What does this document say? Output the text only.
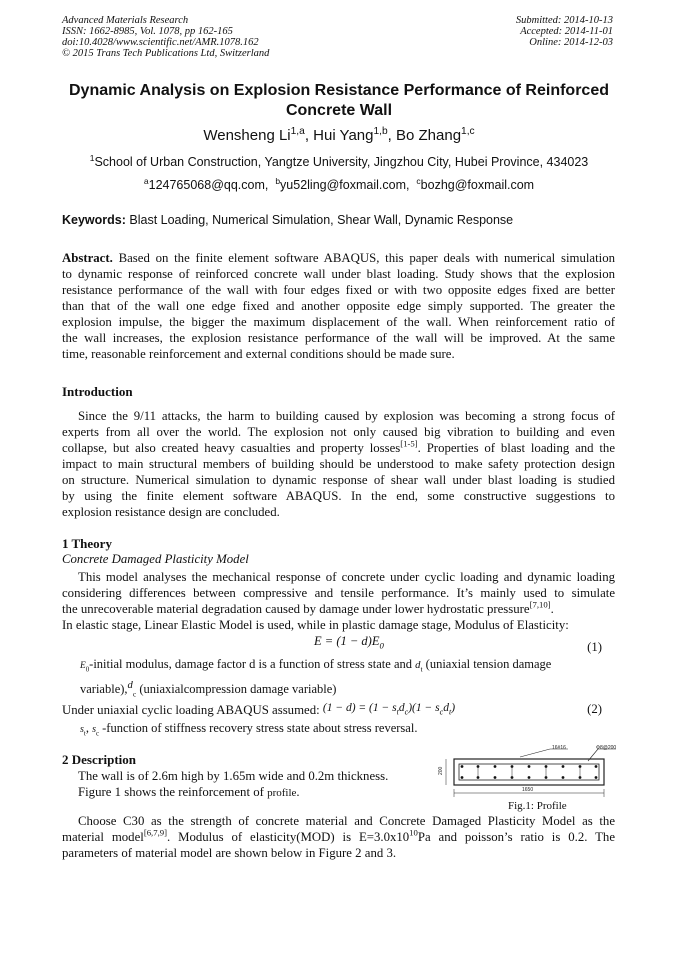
Advanced Materials Research
ISSN: 1662-8985, Vol. 1078, pp 162-165
doi:10.4028/www.scientific.net/AMR.1078.162
© 2015 Trans Tech Publications Ltd, Switzerland
Submitted: 2014-10-13
Accepted: 2014-11-01
Online: 2014-12-03
Dynamic Analysis on Explosion Resistance Performance of Reinforced
Concrete Wall
Wensheng Li$^{1,a}$, Hui Yang$^{1,b}$, Bo Zhang$^{1,c}$
$^1$School of Urban Construction, Yangtze University, Jingzhou City, Hubei Province, 434023
$^a$124765068@qq.com, $^b$yu52ling@foxmail.com, $^c$bozhg@foxmail.com
Keywords: Blast Loading, Numerical Simulation, Shear Wall, Dynamic Response
Abstract. Based on the finite element software ABAQUS, this paper deals with numerical simulation
to dynamic response of reinforced concrete wall under blast loading. Study shows that the explosion
resistance performance of the wall with four edges fixed or with two opposite edges fixed are better
than that of the wall one edge fixed and another opposite edge simply supported. The greater the
explosion impulse, the bigger the maximum displacement of the wall. When reinforcement ratio of
the wall increases, the explosion resistance performance of the wall will be improved. At the same
time, reasonable reinforcement and external conditions should be made sure.
Introduction
Since the 9/11 attacks, the harm to building caused by explosion was becoming a strong focus of
experts from all over the world. The explosion not only caused big vibration to building and even
collapse, but also created heavy casualties and property losses[1-5]. Properties of blast loading and the
impact to main structural members of building should be understood to make safety protection design
on structure. Numerical simulation to dynamic response of shear wall under blast loading is studied
by using the finite element software ABAQUS. In the end, some constructive suggestions to
explosion resistance design are concluded.
1 Theory
Concrete Damaged Plasticity Model
This model analyses the mechanical response of concrete under cyclic loading and dynamic loading
considering differences between compressive and tensile performance. It’s mainly used to simulate
the unrecoverable material degradation caused by damage under lower hydrostatic pressure[7,10].
In elastic stage, Linear Elastic Model is used, while in plastic damage stage, Modulus of Elasticity:
$E = (1 - d)E_0$	(1)
$E_0$-initial modulus, damage factor d is a function of stress state and $d_t$ (uniaxial tension damage
variable),$^d_c$ (uniaxialcompression damage variable)
Under uniaxial cyclic loading ABAQUS assumed: $(1 - d) = (1 - s_td_c)(1 - s_cd_t)$	(2)
$s_t$, $s_c$ -function of stiffness recovery stress state about stress reversal.
2 Description
The wall is of 2.6m high by 1.65m wide and 0.2m thickness.
Figure 1 shows the reinforcement of profile.
16#16	Φ8@200
200
1650
Fig.1: Profile
Choose C30 as the strength of concrete material and Concrete Damaged Plasticity Model as the
material model[6,7,9]. Modulus of elasticity(MOD) is $E=3.0x10^{10}Pa$ and poisson’s ratio is 0.2. The
parameters of material model are shown below in Figure 2 and 3.
